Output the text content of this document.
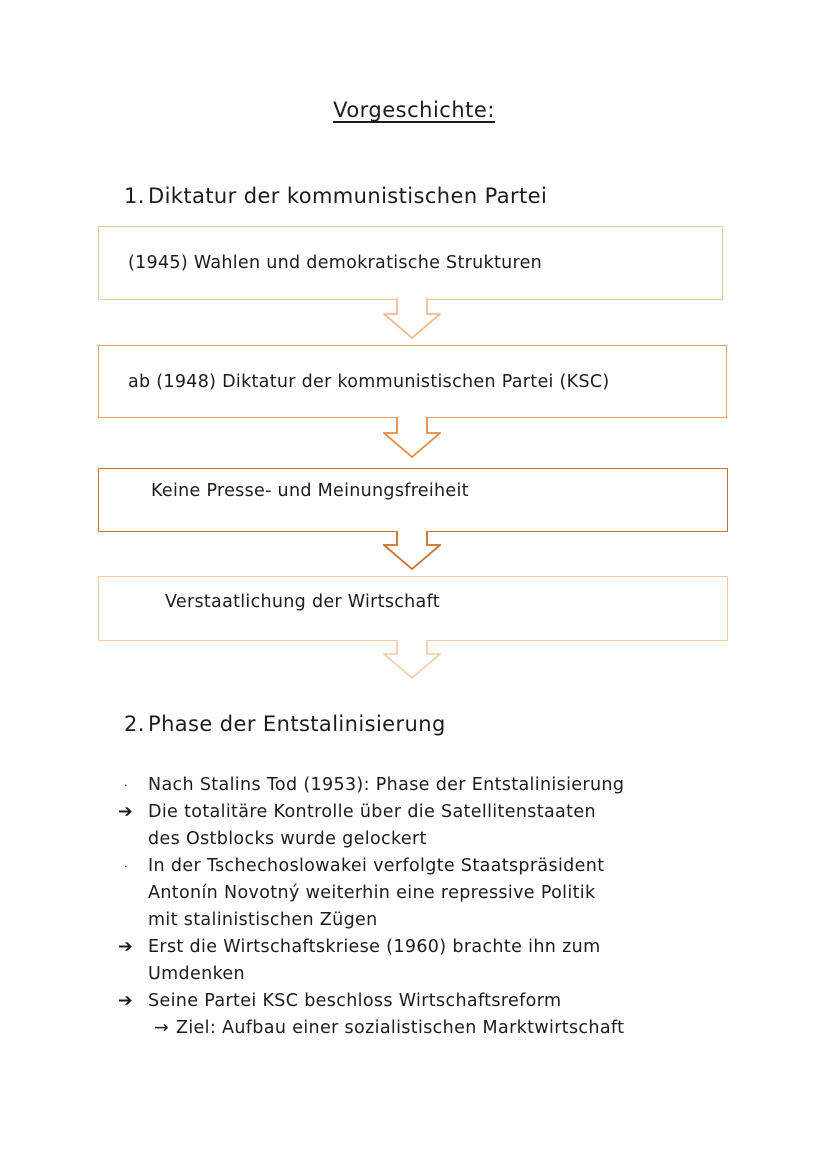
Vorgeschichte:
1. Diktatur der kommunistischen Partei
(1945) Wahlen und demokratische Strukturen
ab (1948) Diktatur der kommunistischen Partei (KSC)
Keine Presse- und Meinungsfreiheit
Verstaatlichung der Wirtschaft
2. Phase der Entstalinisierung
·	Nach Stalins Tod (1953): Phase der Entstalinisierung
➔ Die totalitäre Kontrolle über die Satellitenstaaten
des Ostblocks wurde gelockert
·	In der Tschechoslowakei verfolgte Staatspräsident
Antonín Novotný weiterhin eine repressive Politik
mit stalinistischen Zügen
➔ Erst die Wirtschaftskriese (1960) brachte ihn zum
Umdenken
➔ Seine Partei KSC beschloss Wirtschaftsreform
→ Ziel: Aufbau einer sozialistischen Marktwirtschaft
